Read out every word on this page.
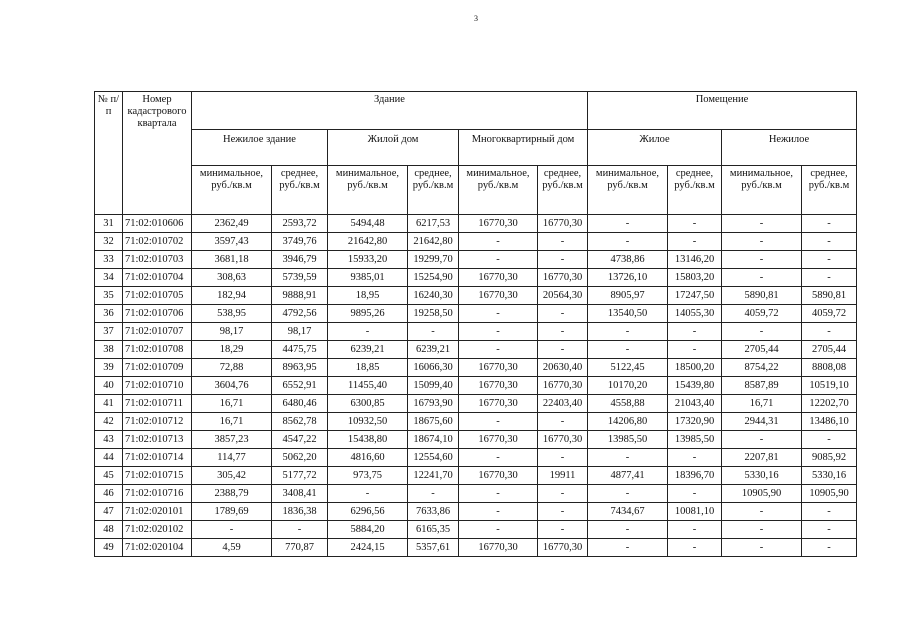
3
№ п/п	Номер кадастрового квартала	Здание						Помещение			
		Нежилое здание		Жилой дом		Многоквартирный дом		Жилое		Нежилое	
		минимальное, руб./кв.м	среднее, руб./кв.м	минимальное, руб./кв.м	среднее, руб./кв.м	минимальное, руб./кв.м	среднее, руб./кв.м	минимальное, руб./кв.м	среднее, руб./кв.м	минимальное, руб./кв.м	среднее, руб./кв.м
31	71:02:010606	2362,49	2593,72	5494,48	6217,53	16770,30	16770,30	-	-	-	-
32	71:02:010702	3597,43	3749,76	21642,80	21642,80	-	-	-	-	-	-
33	71:02:010703	3681,18	3946,79	15933,20	19299,70	-	-	4738,86	13146,20	-	-
34	71:02:010704	308,63	5739,59	9385,01	15254,90	16770,30	16770,30	13726,10	15803,20	-	-
35	71:02:010705	182,94	9888,91	18,95	16240,30	16770,30	20564,30	8905,97	17247,50	5890,81	5890,81
36	71:02:010706	538,95	4792,56	9895,26	19258,50	-	-	13540,50	14055,30	4059,72	4059,72
37	71:02:010707	98,17	98,17	-	-	-	-	-	-	-	-
38	71:02:010708	18,29	4475,75	6239,21	6239,21	-	-	-	-	2705,44	2705,44
39	71:02:010709	72,88	8963,95	18,85	16066,30	16770,30	20630,40	5122,45	18500,20	8754,22	8808,08
40	71:02:010710	3604,76	6552,91	11455,40	15099,40	16770,30	16770,30	10170,20	15439,80	8587,89	10519,10
41	71:02:010711	16,71	6480,46	6300,85	16793,90	16770,30	22403,40	4558,88	21043,40	16,71	12202,70
42	71:02:010712	16,71	8562,78	10932,50	18675,60	-	-	14206,80	17320,90	2944,31	13486,10
43	71:02:010713	3857,23	4547,22	15438,80	18674,10	16770,30	16770,30	13985,50	13985,50	-	-
44	71:02:010714	114,77	5062,20	4816,60	12554,60	-	-	-	-	2207,81	9085,92
45	71:02:010715	305,42	5177,72	973,75	12241,70	16770,30	19911	4877,41	18396,70	5330,16	5330,16
46	71:02:010716	2388,79	3408,41	-	-	-	-	-	-	10905,90	10905,90
47	71:02:020101	1789,69	1836,38	6296,56	7633,86	-	-	7434,67	10081,10	-	-
48	71:02:020102	-	-	5884,20	6165,35	-	-	-	-	-	-
49	71:02:020104	4,59	770,87	2424,15	5357,61	16770,30	16770,30	-	-	-	-
